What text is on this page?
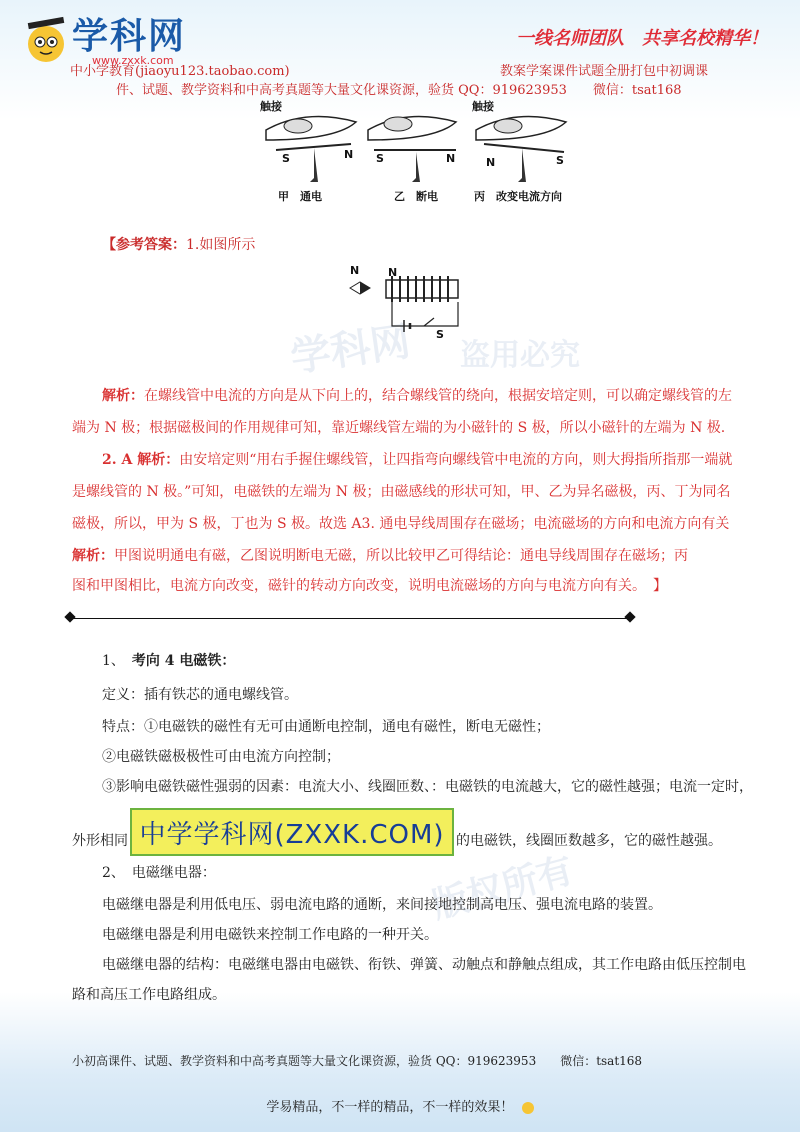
学科网 盗用必究
版权所有
学科网
www.zxxk.com
一线名师团队　共享名校精华！
中小学教育(jiaoyu123.taobao.com)	教案学案课件试题全册打包中初调课
件、试题、教学资料和中高考真题等大量文化课资源，验货 QQ：919623953　　微信：tsat168
触接
S	N
甲　通电
S	N
乙　断电
触接
N	S
丙　改变电流方向
【参考答案：1.如图所示
N	N
S

解析：在螺线管中电流的方向是从下向上的，结合螺线管的绕向，根据安培定则，可以确定螺线管的左端为 N 极；根据磁极间的作用规律可知，靠近螺线管左端的为小磁针的 S 极，所以小磁针的左端为 N 极.

2. A 解析：由安培定则“用右手握住螺线管，让四指弯向螺线管中电流的方向，则大拇指所指那一端就是螺线管的 N 极。”可知，电磁铁的左端为 N 极；由磁感线的形状可知，甲、乙为异名磁极，丙、丁为同名磁极，所以，甲为 S 极，丁也为 S 极。故选 A3. 通电导线周围存在磁场；电流磁场的方向和电流方向有关解析：甲图说明通电有磁，乙图说明断电无磁，所以比较甲乙可得结论：通电导线周围存在磁场；丙

图和甲图相比，电流方向改变，磁针的转动方向改变，说明电流磁场的方向与电流方向有关。　】

1、　 考向 4 电磁铁：
定义：插有铁芯的通电螺线管。
特点：①电磁铁的磁性有无可由通断电控制，通电有磁性，断电无磁性；
②电磁铁磁极极性可由电流方向控制；
③影响电磁铁磁性强弱的因素：电流大小、线圈匝数、：电磁铁的电流越大，它的磁性越强；电流一定时，
外形相同	的电磁铁，线圈匝数越多，它的磁性越强。
2、　 电磁继电器：
电磁继电器是利用低电压、弱电流电路的通断，来间接地控制高电压、强电流电路的装置。
电磁继电器是利用电磁铁来控制工作电路的一种开关。
电磁继电器的结构：电磁继电器由电磁铁、衔铁、弹簧、动触点和静触点组成，其工作电路由低压控制电
路和高压工作电路组成。
中学学科网(ZXXK.COM)
小初高课件、试题、教学资料和中高考真题等大量文化课资源，验货 QQ：919623953　　微信：tsat168
学易精品，不一样的精品，不一样的效果！
